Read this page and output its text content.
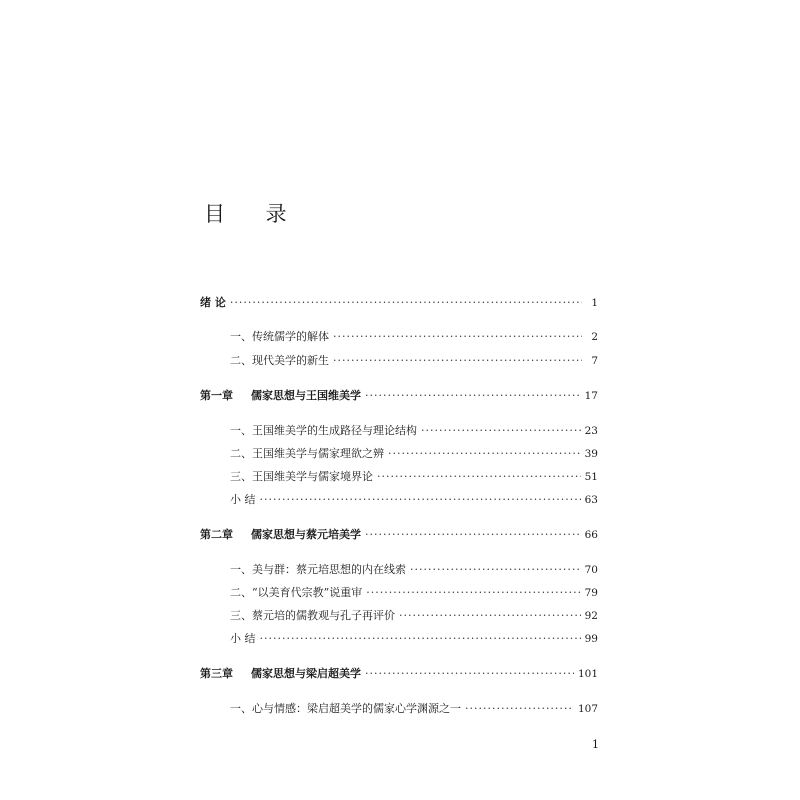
目 录
绪 论 ·····	1
一、传统儒学的解体 ·····	2
二、现代美学的新生 ·····	7
第一章 儒家思想与王国维美学 ·····	17
一、王国维美学的生成路径与理论结构 ·····	23
二、王国维美学与儒家理欲之辨 ·····	39
三、王国维美学与儒家境界论 ·····	51
小 结 ·····	63
第二章 儒家思想与蔡元培美学 ·····	66
一、美与群：蔡元培思想的内在线索 ·····	70
二、“以美育代宗教”说重审 ·····	79
三、蔡元培的儒教观与孔子再评价 ·····	92
小 结 ·····	99
第三章 儒家思想与梁启超美学 ·····	101
一、心与情感：梁启超美学的儒家心学渊源之一 ·····	107
1
